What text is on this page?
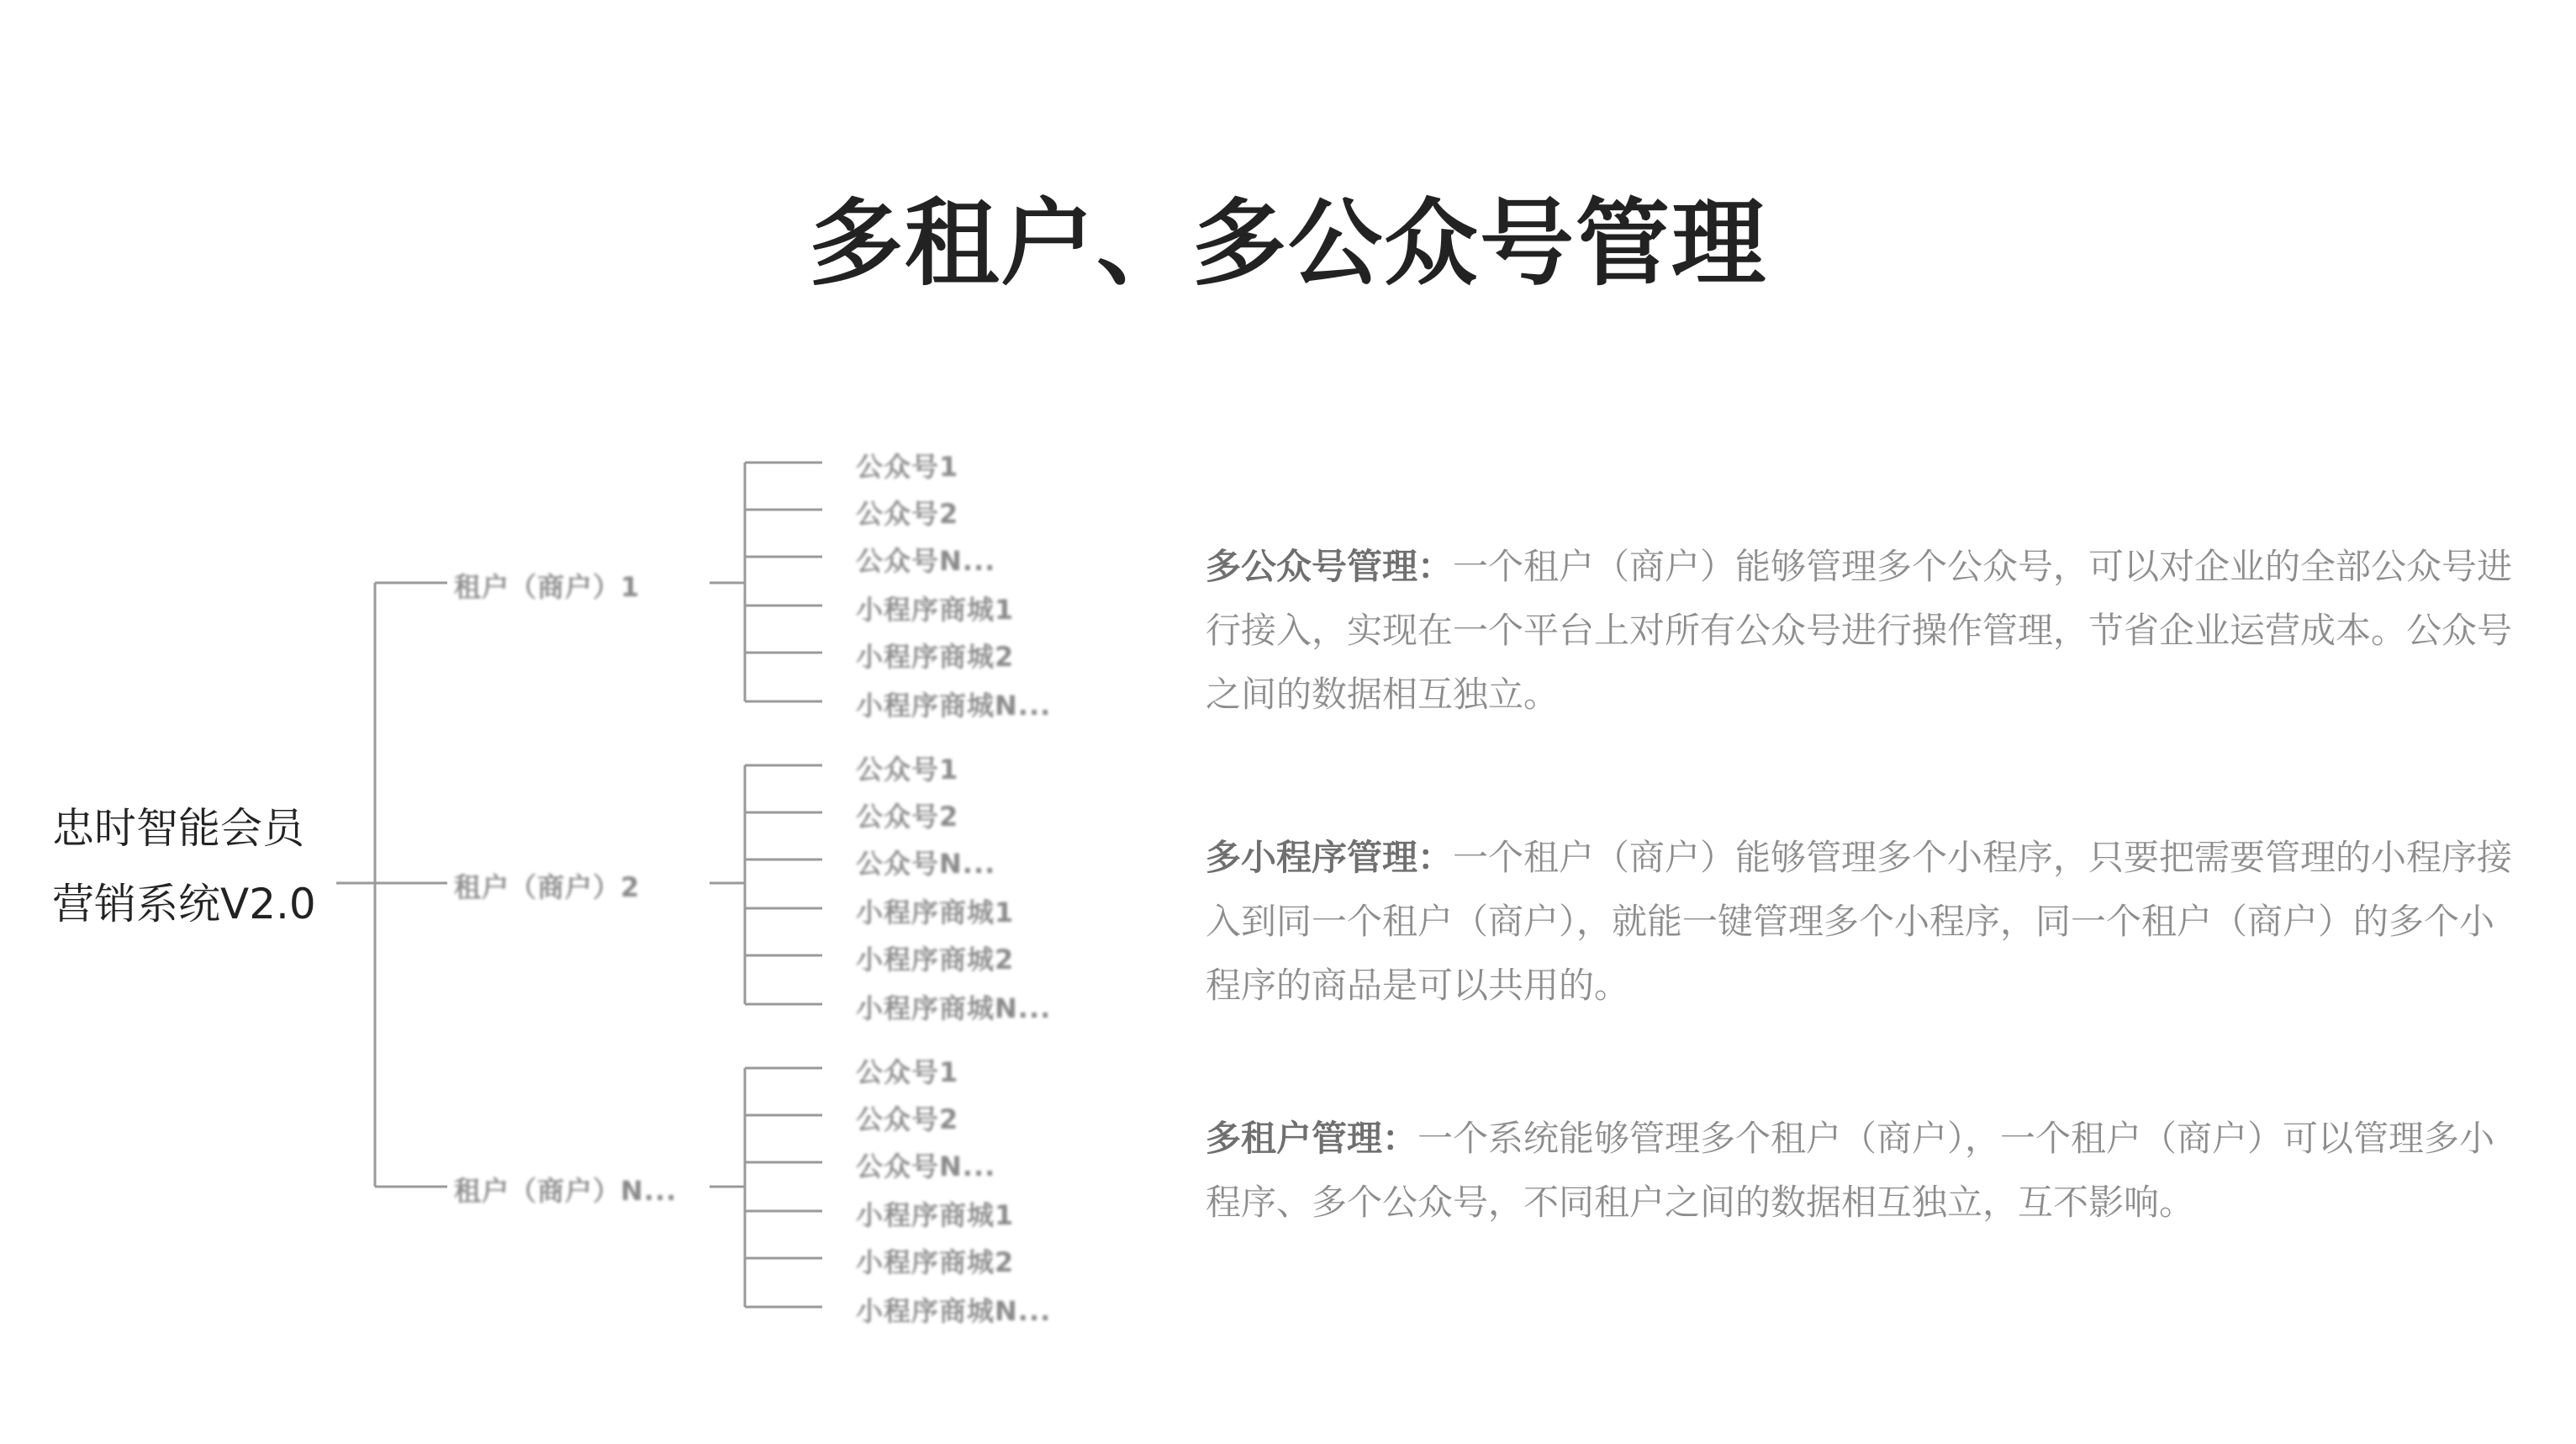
多租户、多公众号管理
忠时智能会员
营销系统V2.0
租户（商户）1
租户（商户）2
租户（商户）N...
公众号1
公众号2
公众号N...
小程序商城1
小程序商城2
小程序商城N...
公众号1
公众号2
公众号N...
小程序商城1
小程序商城2
小程序商城N...
公众号1
公众号2
公众号N...
小程序商城1
小程序商城2
小程序商城N...

多公众号管理：一个租户（商户）能够管理多个公众号，可以对企业的全部公众号进行接入，实现在一个平台上对所有公众号进行操作管理，节省企业运营成本。公众号之间的数据相互独立。

多小程序管理：一个租户（商户）能够管理多个小程序，只要把需要管理的小程序接入到同一个租户（商户），就能一键管理多个小程序，同一个租户（商户）的多个小程序的商品是可以共用的。

多租户管理：一个系统能够管理多个租户（商户），一个租户（商户）可以管理多小程序、多个公众号，不同租户之间的数据相互独立，互不影响。
